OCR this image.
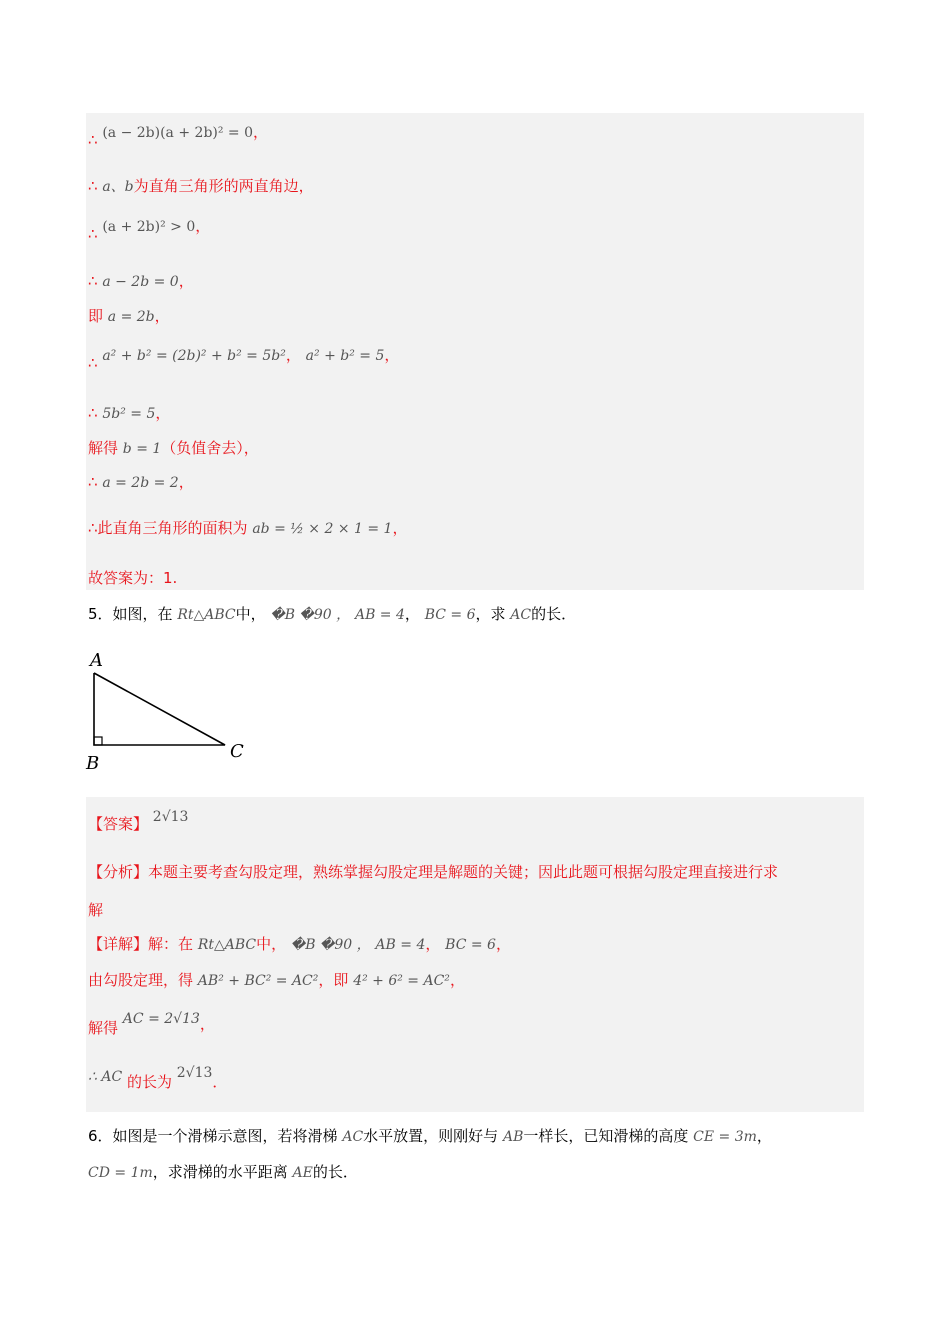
∴ (a − 2b)(a + 2b)² = 0，
∴ a、b为直角三角形的两直角边，
∴ (a + 2b)² > 0，
∴ a − 2b = 0，
即 a = 2b，
∴ a² + b² = (2b)² + b² = 5b²， a² + b² = 5，
∴ 5b² = 5，
解得 b = 1（负值舍去），
∴ a = 2b = 2，
∴此直角三角形的面积为 ab = ½ × 2 × 1 = 1，
故答案为：1.
5．如图，在 Rt△ABC中， �B �90 ， AB = 4， BC = 6，求 AC的长．
A
B
C
【答案】 2√13
【分析】本题主要考查勾股定理，熟练掌握勾股定理是解题的关键；因此此题可根据勾股定理直接进行求
解
【详解】解：在 Rt△ABC中， �B �90 ， AB = 4， BC = 6，
由勾股定理，得 AB² + BC² = AC²，即 4² + 6² = AC²，
解得 AC = 2√13，
∴ AC 的长为 2√13．
6．如图是一个滑梯示意图，若将滑梯 AC水平放置，则刚好与 AB一样长，已知滑梯的高度 CE = 3m，
CD = 1m，求滑梯的水平距离 AE的长．
